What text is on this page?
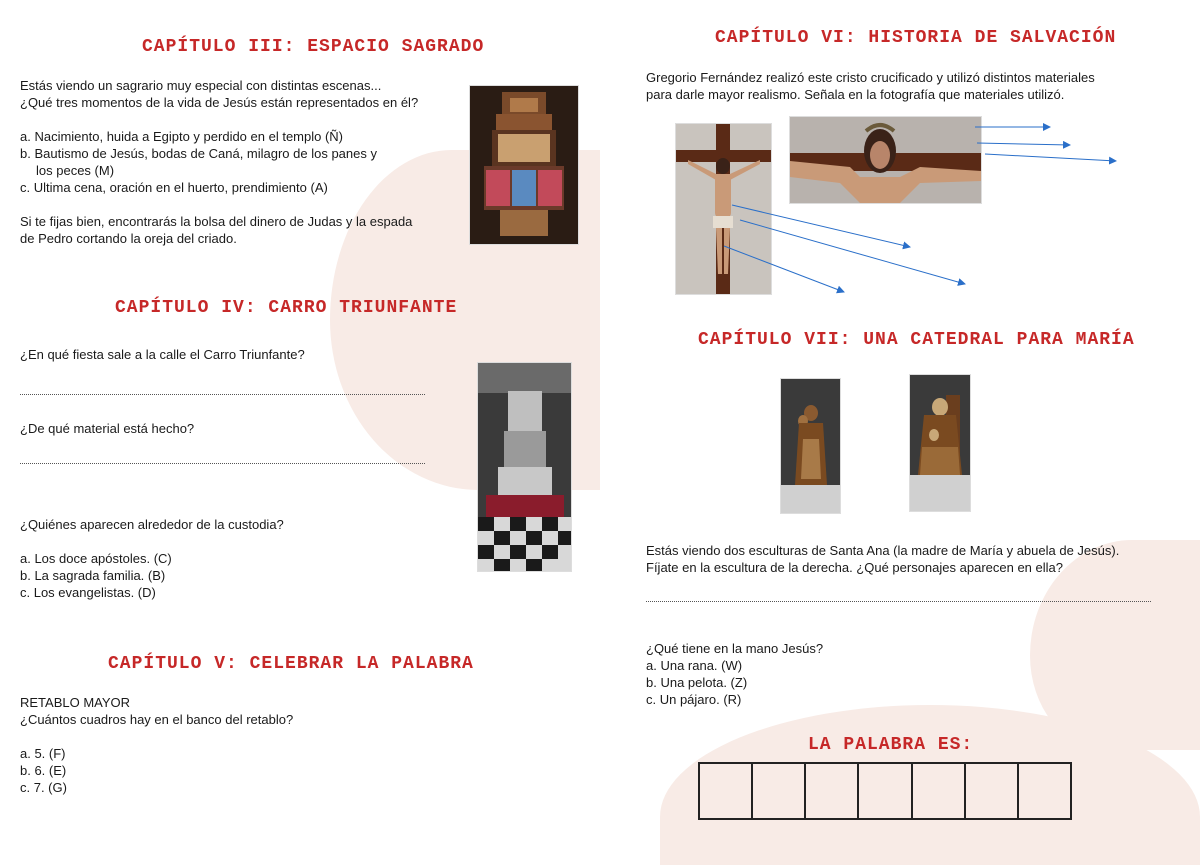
CAPÍTULO III: ESPACIO SAGRADO

Estás viendo un sagrario muy especial con distintas escenas...

¿Qué tres momentos de la vida de Jesús están representados en él?

a. Nacimiento, huida a Egipto y perdido en el templo (Ñ)

b. Bautismo de Jesús, bodas de Caná, milagro de los panes y

los peces (M)

c. Ultima cena, oración en el huerto, prendimiento (A)

Si te fijas bien, encontrarás la bolsa del dinero de Judas y la espada

de Pedro cortando la oreja del criado.

CAPÍTULO IV: CARRO TRIUNFANTE

¿En qué fiesta sale a la calle el Carro Triunfante?

¿De qué material está hecho?

¿Quiénes aparecen alrededor de la custodia?

a. Los doce apóstoles. (C)

b. La sagrada familia. (B)

c. Los evangelistas. (D)

CAPÍTULO V: CELEBRAR LA PALABRA

RETABLO MAYOR

¿Cuántos cuadros hay en el banco del retablo?

a. 5. (F)

b. 6. (E)

c. 7. (G)

CAPÍTULO VI: HISTORIA DE SALVACIÓN

Gregorio Fernández realizó este cristo crucificado y utilizó distintos materiales

para darle mayor realismo. Señala en la fotografía que materiales utilizó.

CAPÍTULO VII: UNA CATEDRAL PARA MARÍA

Estás viendo dos esculturas de Santa Ana (la madre de María y abuela de Jesús).

Fíjate en la escultura de la derecha. ¿Qué personajes aparecen en ella?

¿Qué tiene en la mano Jesús?

a. Una rana. (W)

b. Una pelota. (Z)

c. Un pájaro. (R)

LA PALABRA ES:
